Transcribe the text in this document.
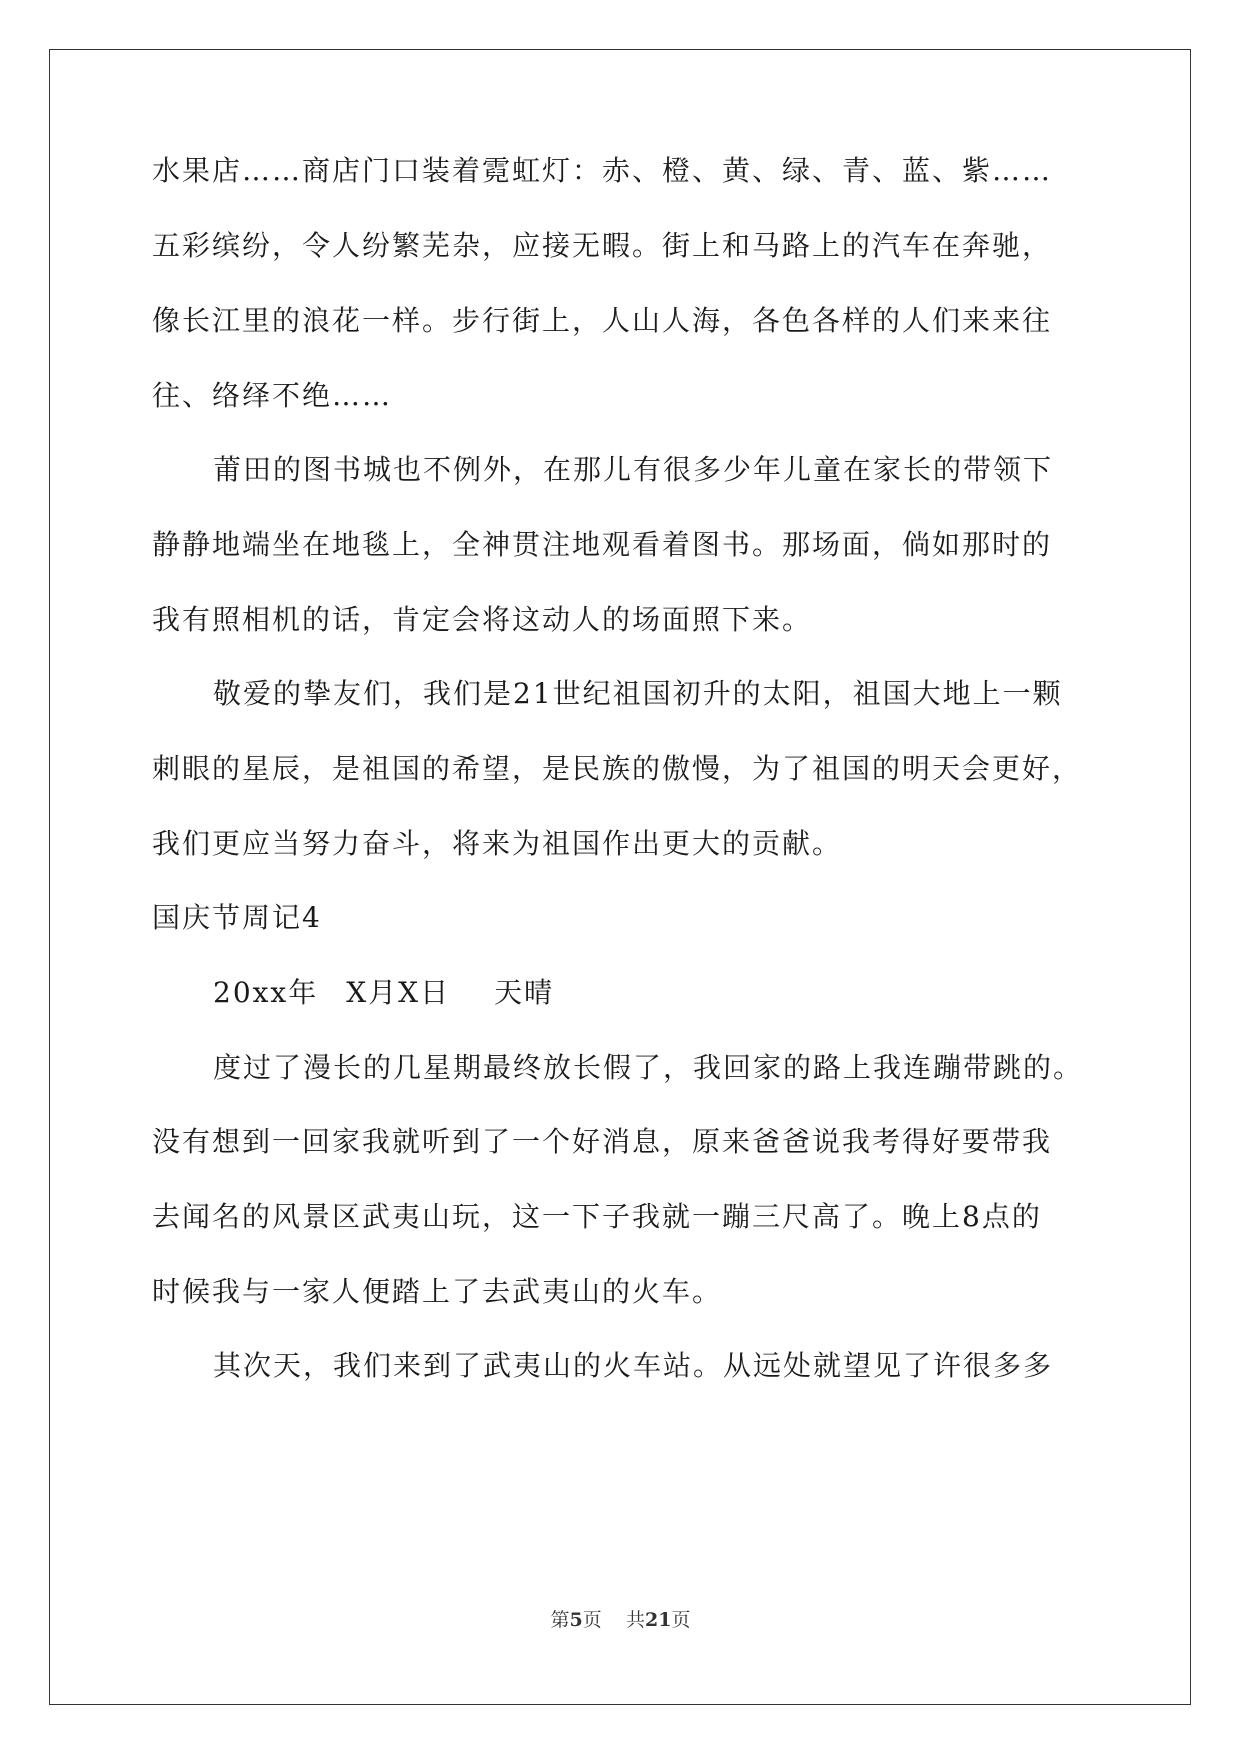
水果店……商店门口装着霓虹灯：赤、橙、黄、绿、青、蓝、紫……
五彩缤纷，令人纷繁芜杂，应接无暇。街上和马路上的汽车在奔驰，
像长江里的浪花一样。步行街上，人山人海，各色各样的人们来来往
往、络绎不绝……
莆田的图书城也不例外，在那儿有很多少年儿童在家长的带领下
静静地端坐在地毯上，全神贯注地观看着图书。那场面，倘如那时的
我有照相机的话，肯定会将这动人的场面照下来。
敬爱的挚友们，我们是21世纪祖国初升的太阳，祖国大地上一颗
刺眼的星辰，是祖国的希望，是民族的傲慢，为了祖国的明天会更好，
我们更应当努力奋斗，将来为祖国作出更大的贡献。
国庆节周记4
20xx年 X月X日 天晴
度过了漫长的几星期最终放长假了，我回家的路上我连蹦带跳的。
没有想到一回家我就听到了一个好消息，原来爸爸说我考得好要带我
去闻名的风景区武夷山玩，这一下子我就一蹦三尺高了。晚上8点的
时候我与一家人便踏上了去武夷山的火车。
其次天，我们来到了武夷山的火车站。从远处就望见了许很多多
第5页 共21页
